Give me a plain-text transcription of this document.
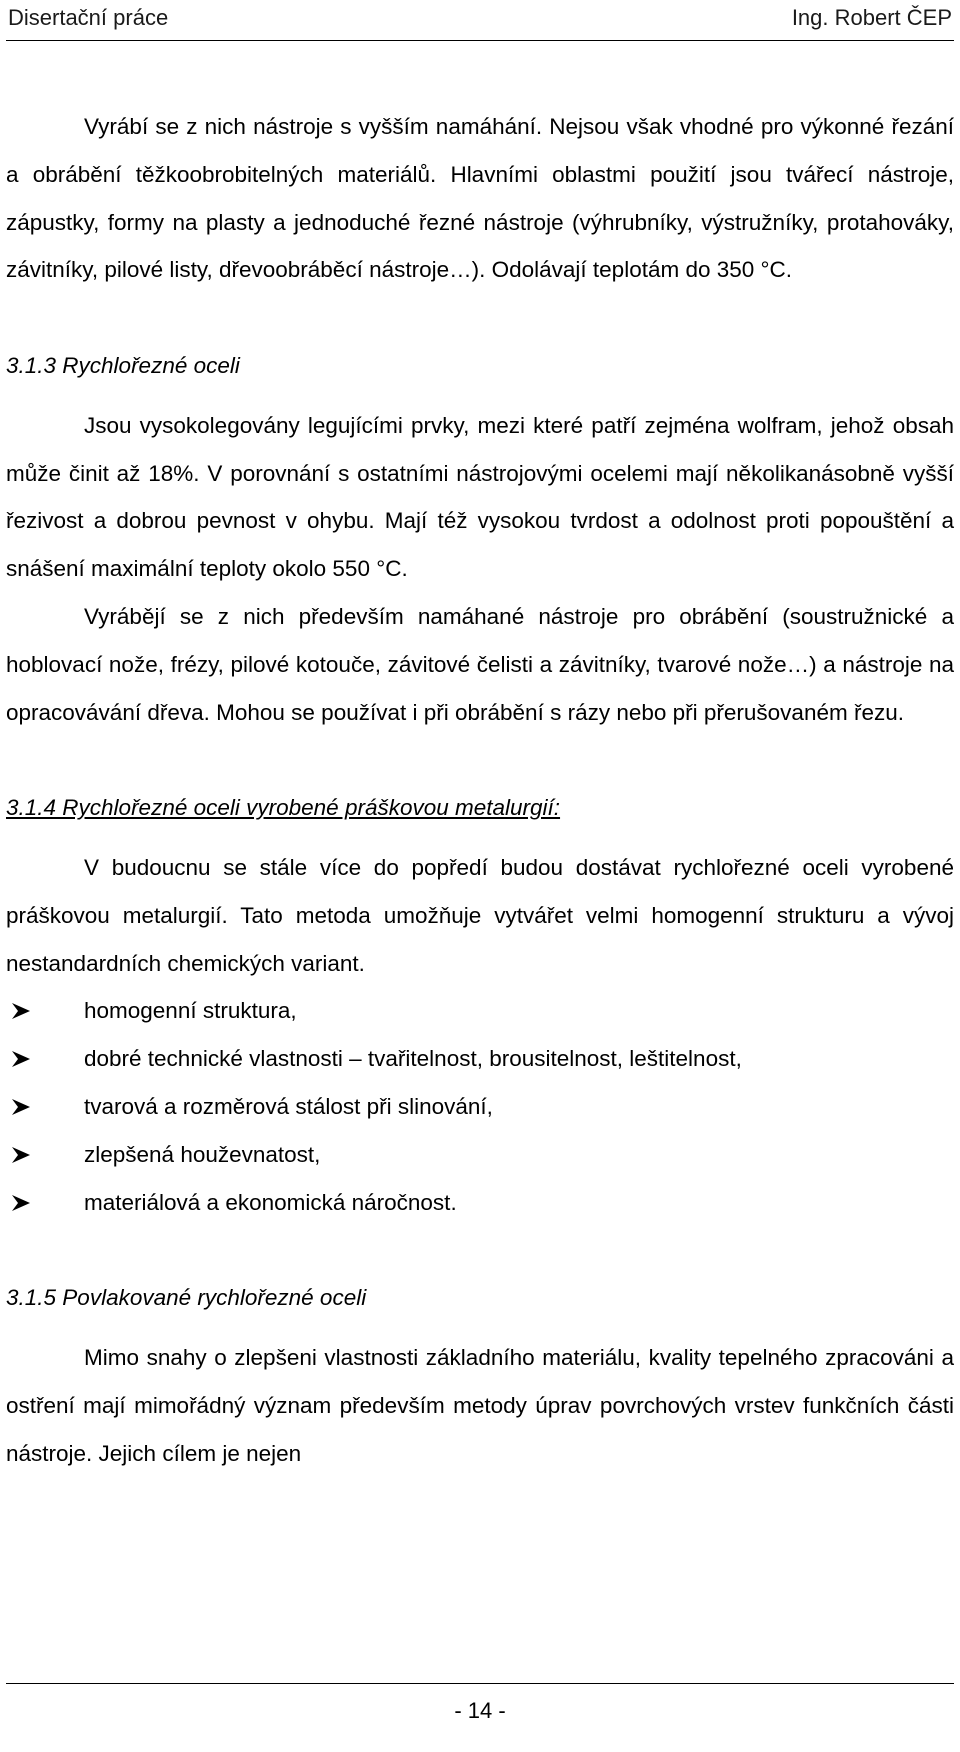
Disertační práce	Ing. Robert ČEP

Vyrábí se z nich nástroje s vyšším namáhání. Nejsou však vhodné pro výkonné řezání a obrábění těžkoobrobitelných materiálů. Hlavními oblastmi použití jsou tvářecí nástroje, zápustky, formy na plasty a jednoduché řezné nástroje (výhrubníky, výstružníky, protahováky, závitníky, pilové listy, dřevoobráběcí nástroje…). Odolávají teplotám do 350 °C.

3.1.3 Rychlořezné oceli

Jsou vysokolegovány legujícími prvky, mezi které patří zejména wolfram, jehož obsah může činit až 18%. V porovnání s ostatními nástrojovými ocelemi mají několikanásobně vyšší řezivost a dobrou pevnost v ohybu. Mají též vysokou tvrdost a odolnost proti popouštění a snášení maximální teploty okolo 550 °C.

Vyrábějí se z nich především namáhané nástroje pro obrábění (soustružnické a hoblovací nože, frézy, pilové kotouče, závitové čelisti a závitníky, tvarové nože…) a nástroje na opracovávání dřeva. Mohou se používat i při obrábění s rázy nebo při přerušovaném řezu.

3.1.4 Rychlořezné oceli vyrobené práškovou metalurgií:

V budoucnu se stále více do popředí budou dostávat rychlořezné oceli vyrobené práškovou metalurgií. Tato metoda umožňuje vytvářet velmi homogenní strukturu a vývoj nestandardních chemických variant.

homogenní struktura,
dobré technické vlastnosti – tvařitelnost, brousitelnost, leštitelnost,
tvarová a rozměrová stálost při slinování,
zlepšená houževnatost,
materiálová a ekonomická náročnost.

3.1.5 Povlakované rychlořezné oceli

Mimo snahy o zlepšeni vlastnosti základního materiálu, kvality tepelného zpracováni a ostření mají mimořádný význam především metody úprav povrchových vrstev funkčních části nástroje. Jejich cílem je nejen

- 14 -
